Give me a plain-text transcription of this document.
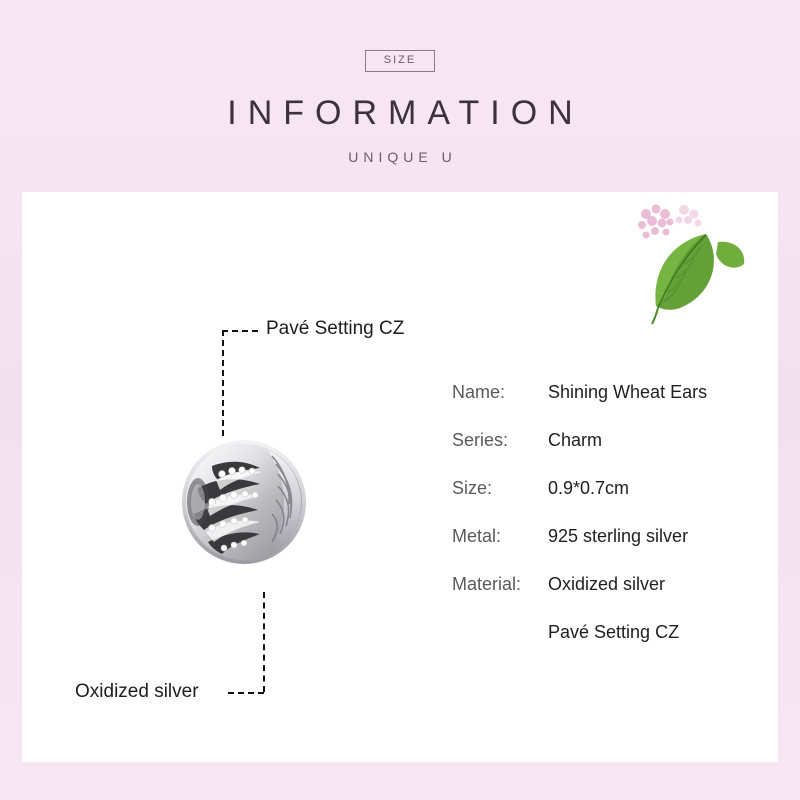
SIZE
INFORMATION
UNIQUE U
Pavé Setting CZ
Oxidized silver
Name:	Shining Wheat Ears
Series:	Charm
Size:	0.9*0.7cm
Metal:	925 sterling silver
Material:	Oxidized silver
Pavé Setting CZ
